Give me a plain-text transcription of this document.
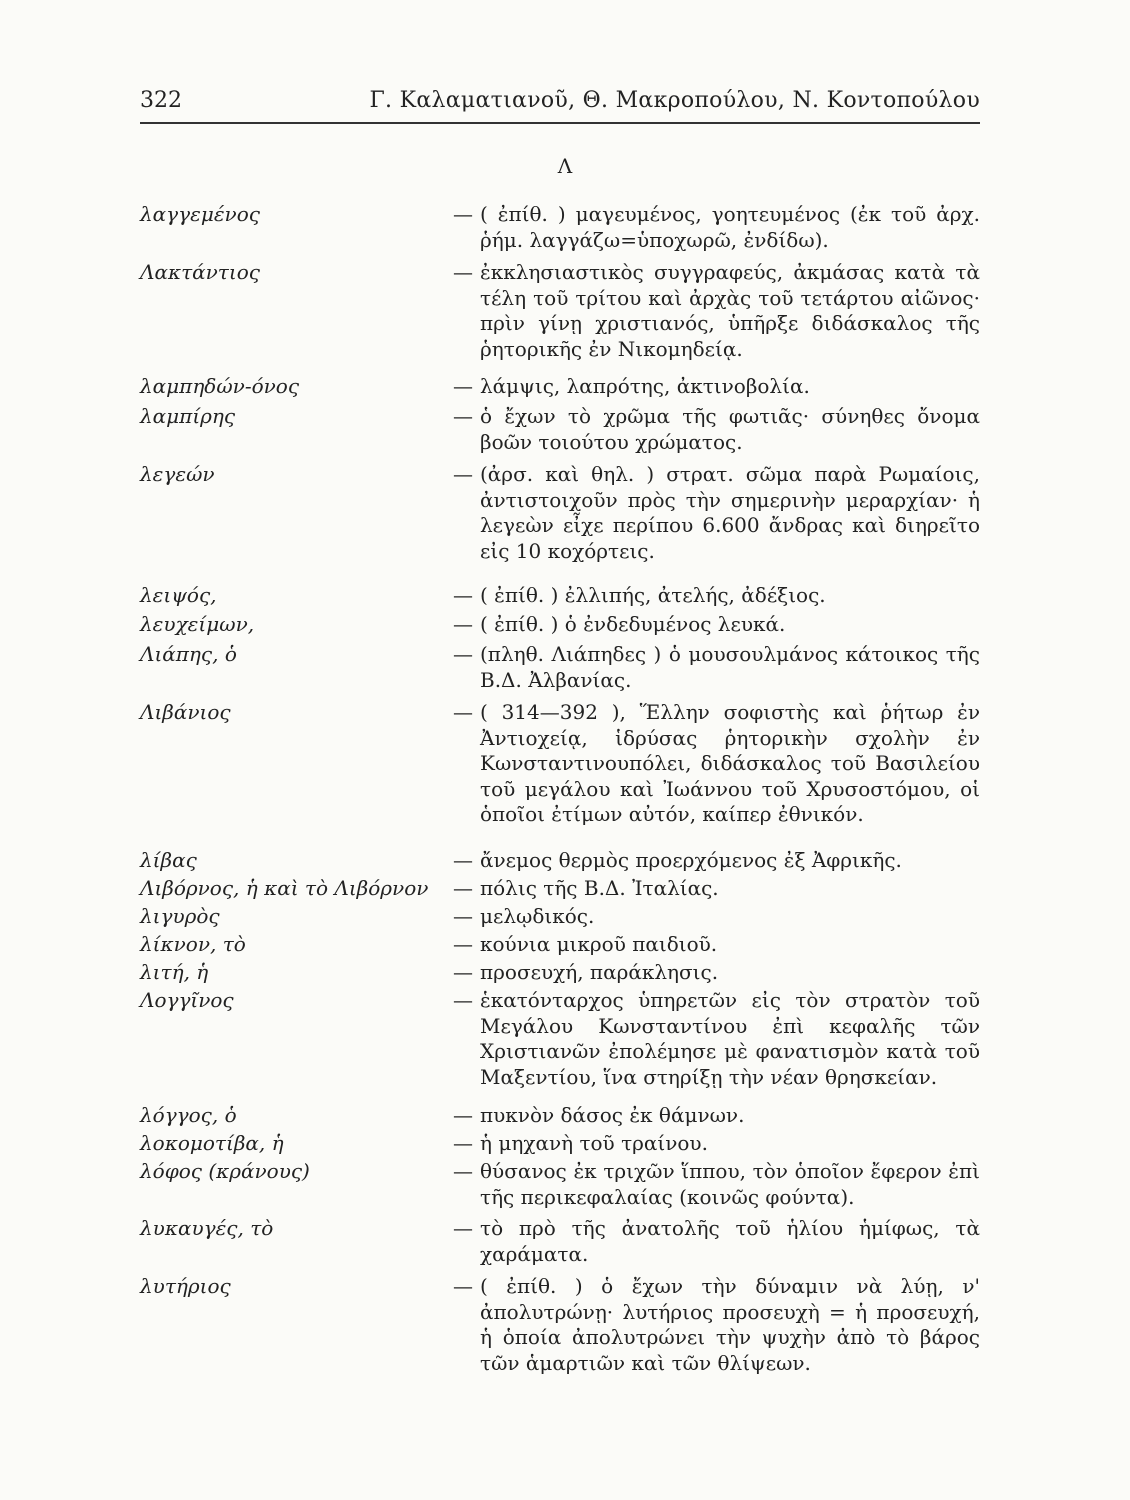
322	Γ. Καλαματιανοῦ, Θ. Μακροπούλου, Ν. Κοντοπούλου
Λ
λαγγεμένος	— ( ἐπίθ. ) μαγευμένος, γοητευμένος (ἐκ τοῦ ἀρχ. ῥήμ. λαγγάζω=ὑποχωρῶ, ἐνδίδω).
Λακτάντιος	— ἐκκλησιαστικὸς συγγραφεύς, ἀκμάσας κατὰ τὰ τέλη τοῦ τρίτου καὶ ἀρχὰς τοῦ τετάρτου αἰῶνος· πρὶν γίνῃ χριστιανός, ὑπῆρξε διδάσκαλος τῆς ῥητορικῆς ἐν Νικομηδείᾳ.
λαμπηδών-όνος	— λάμψις, λαπρότης, ἀκτινοβολία.
λαμπίρης	— ὁ ἔχων τὸ χρῶμα τῆς φωτιᾶς· σύνηθες ὄνομα βοῶν τοιούτου χρώματος.
λεγεών	— (ἀρσ. καὶ θηλ. ) στρατ. σῶμα παρὰ Ρωμαίοις, ἀντιστοιχοῦν πρὸς τὴν σημερινὴν μεραρχίαν· ἡ λεγεὼν εἶχε περίπου 6.600 ἄνδρας καὶ διηρεῖτο εἰς 10 κοχόρτεις.
λειψός,	— ( ἐπίθ. ) ἐλλιπής, ἀτελής, ἀδέξιος.
λευχείμων,	— ( ἐπίθ. ) ὁ ἐνδεδυμένος λευκά.
Λιάπης, ὁ	— (πληθ. Λιάπηδες ) ὁ μουσουλμάνος κάτοικος τῆς Β.Δ. Ἀλβανίας.
Λιβάνιος	— ( 314—392 ), Ἕλλην σοφιστὴς καὶ ῥήτωρ ἐν Ἀντιοχείᾳ, ἱδρύσας ῥητορικὴν σχολὴν ἐν Κωνσταντινουπόλει, διδάσκαλος τοῦ Βασιλείου τοῦ μεγάλου καὶ Ἰωάννου τοῦ Χρυσοστόμου, οἱ ὁποῖοι ἐτίμων αὐτόν, καίπερ ἐθνικόν.
λίβας	— ἄνεμος θερμὸς προερχόμενος ἐξ Ἀφρικῆς.
Λιβόρνος, ἡ καὶ τὸ Λιβόρνον	— πόλις τῆς Β.Δ. Ἰταλίας.
λιγυρὸς	— μελῳδικός.
λίκνον, τὸ	— κούνια μικροῦ παιδιοῦ.
λιτή, ἡ	— προσευχή, παράκλησις.
Λογγῖνος	— ἑκατόνταρχος ὑπηρετῶν εἰς τὸν στρατὸν τοῦ Μεγάλου Κωνσταντίνου ἐπὶ κεφαλῆς τῶν Χριστιανῶν ἐπολέμησε μὲ φανατισμὸν κατὰ τοῦ Μαξεντίου, ἵνα στηρίξῃ τὴν νέαν θρησκείαν.
λόγγος, ὁ	— πυκνὸν δάσος ἐκ θάμνων.
λοκομοτίβα, ἡ	— ἡ μηχανὴ τοῦ τραίνου.
λόφος (κράνους)	— θύσανος ἐκ τριχῶν ἵππου, τὸν ὁποῖον ἔφερον ἐπὶ τῆς περικεφαλαίας (κοινῶς φούντα).
λυκαυγές, τὸ	— τὸ πρὸ τῆς ἀνατολῆς τοῦ ἡλίου ἡμίφως, τὰ χαράματα.
λυτήριος	— ( ἐπίθ. ) ὁ ἔχων τὴν δύναμιν νὰ λύῃ, ν' ἀπολυτρώνῃ· λυτήριος προσευχὴ = ἡ προσευχή, ἡ ὁποία ἀπολυτρώνει τὴν ψυχὴν ἀπὸ τὸ βάρος τῶν ἁμαρτιῶν καὶ τῶν θλίψεων.
